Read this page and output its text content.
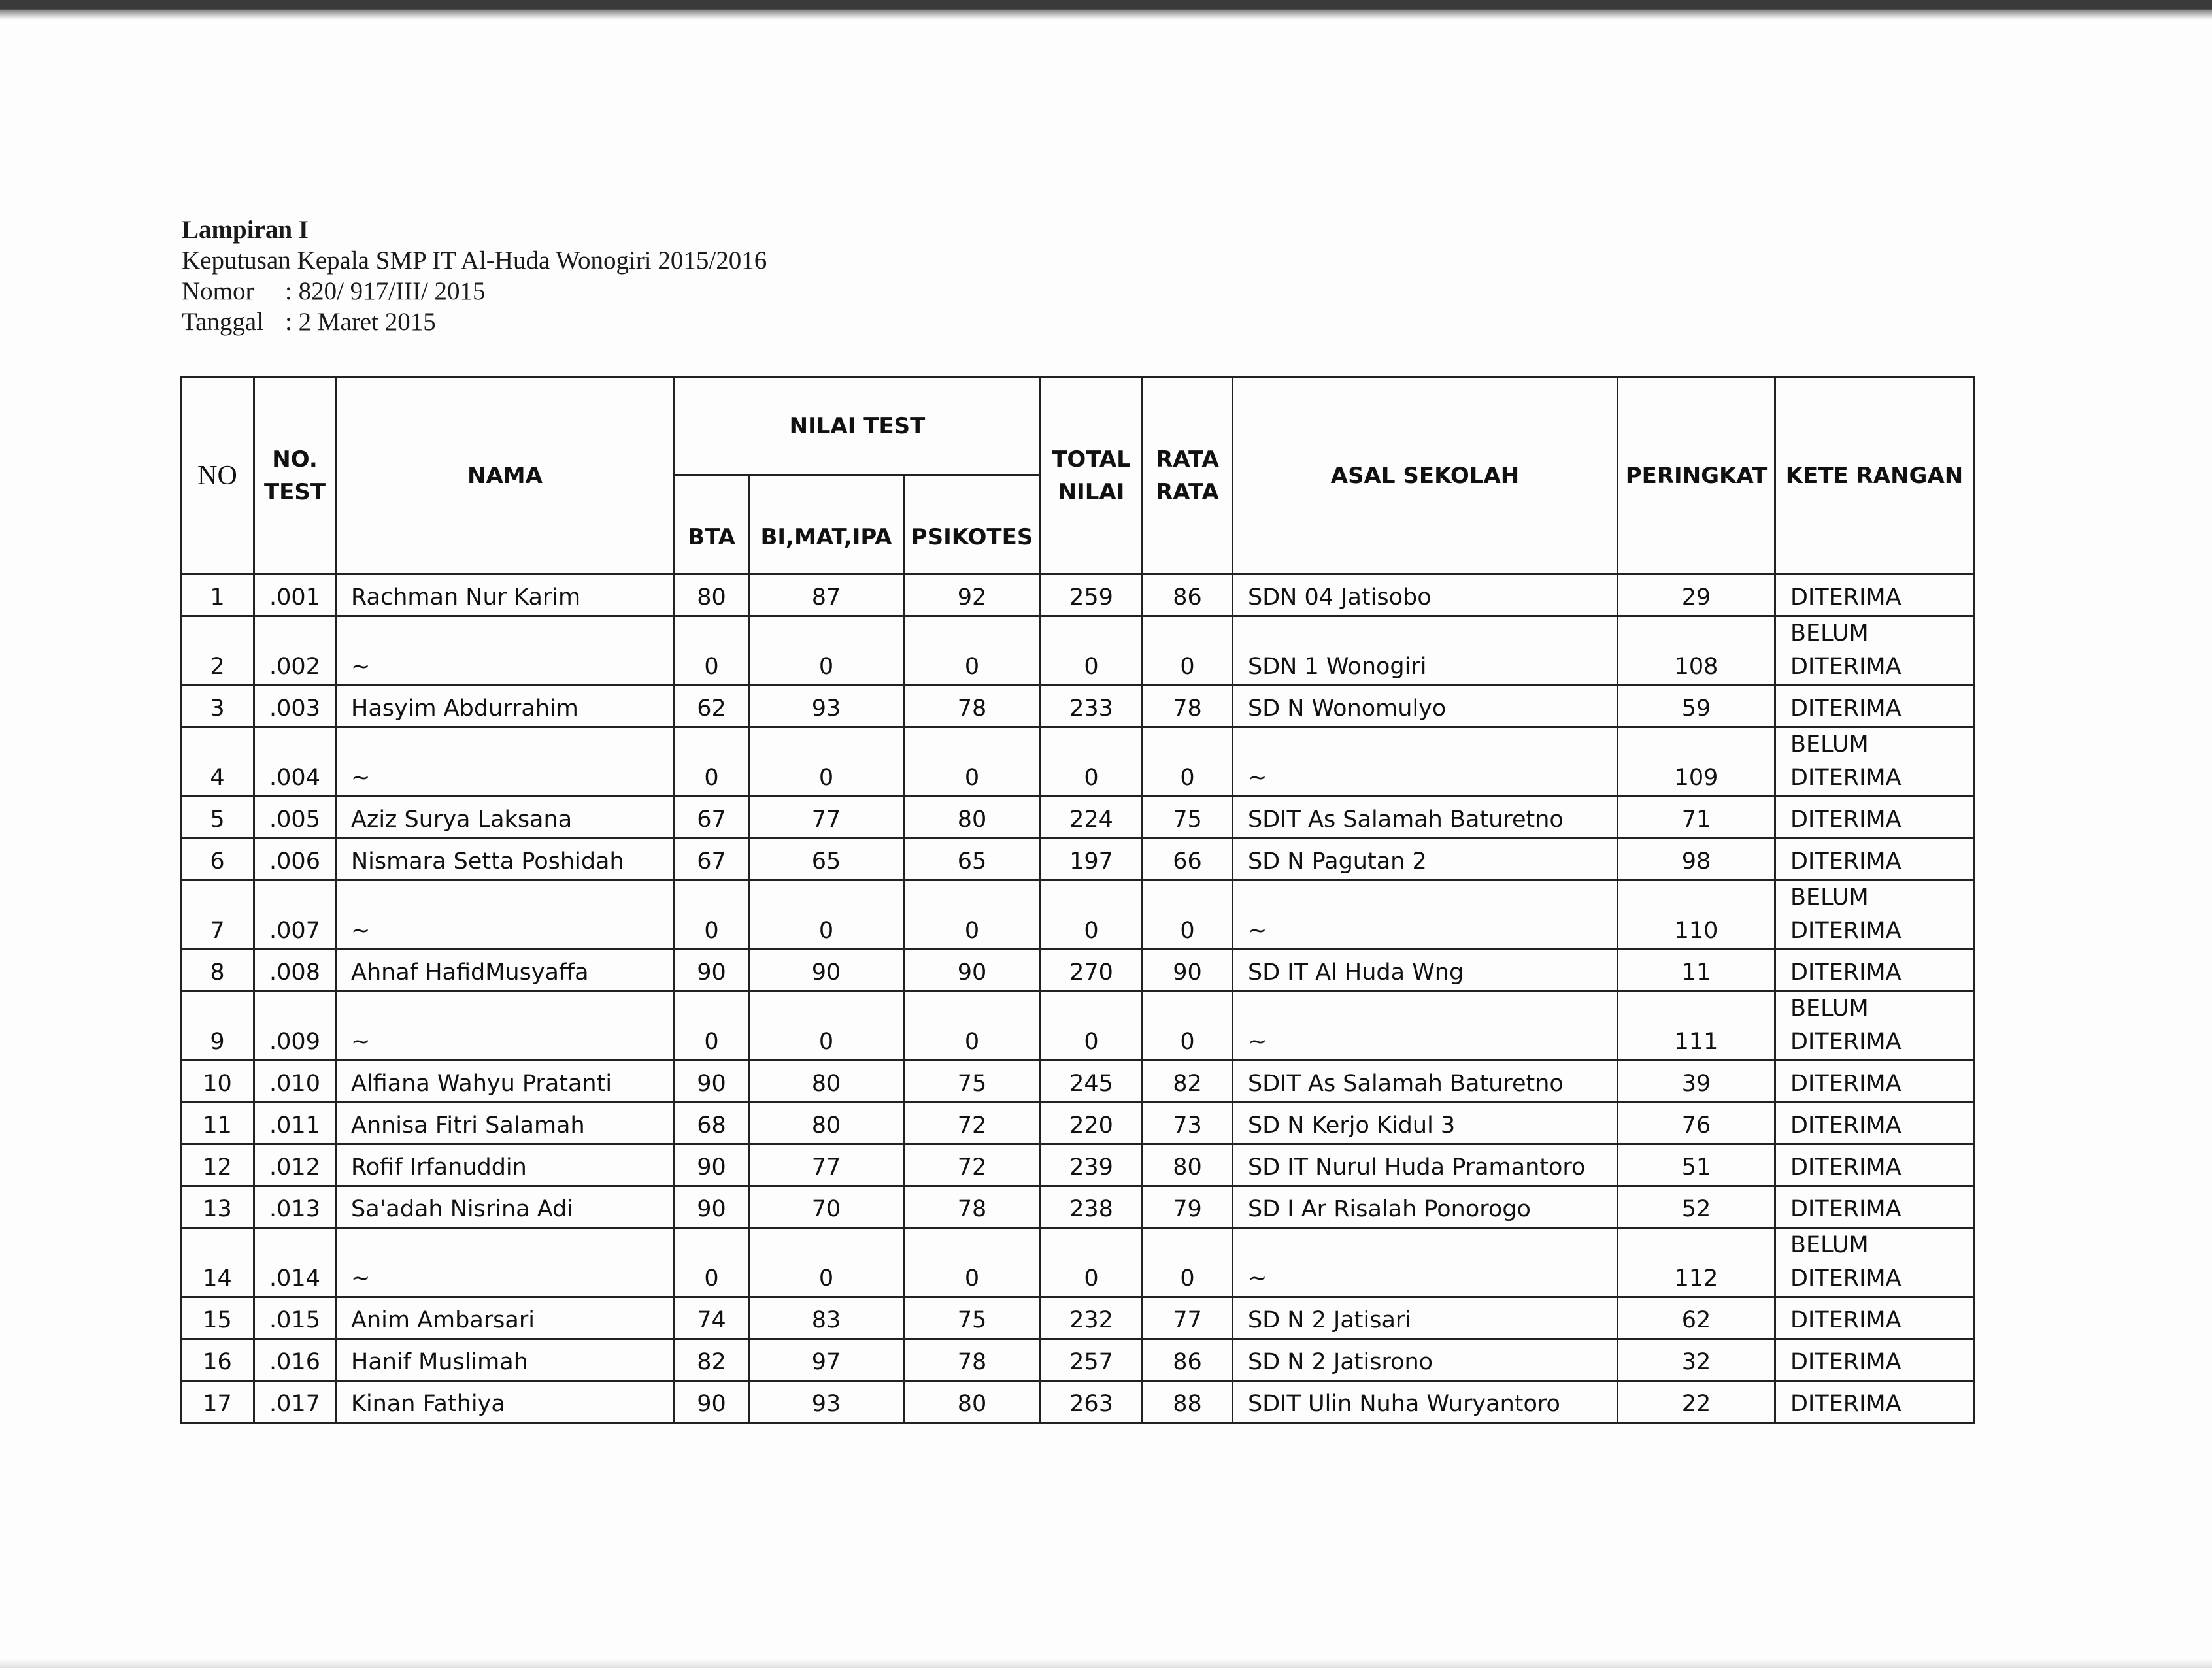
Lampiran I
Keputusan Kepala SMP IT Al-Huda Wonogiri 2015/2016
Nomor	: 820/ 917/III/ 2015
Tanggal : 2 Maret 2015
NO	NO. TEST	NAMA	NILAI TEST			TOTAL NILAI	RATA RATA	ASAL SEKOLAH	PERINGKAT	KETE RANGAN
			BTA	BI,MAT,IPA	PSIKOTES					
1	.001	Rachman Nur Karim	80	87	92	259	86	SDN 04 Jatisobo	29	DITERIMA

2	.002	~	0	0	0	0	0	SDN 1 Wonogiri	108	BELUM
DITERIMA

3	.003	Hasyim Abdurrahim	62	93	78	233	78	SD N Wonomulyo	59	DITERIMA

4	.004	~	0	0	0	0	0	~	109	BELUM
DITERIMA

5	.005	Aziz Surya Laksana	67	77	80	224	75	SDIT As Salamah Baturetno	71	DITERIMA

6	.006	Nismara Setta Poshidah	67	65	65	197	66	SD N Pagutan 2	98	DITERIMA

7	.007	~	0	0	0	0	0	~	110	BELUM
DITERIMA

8	.008	Ahnaf HafidMusyaffa	90	90	90	270	90	SD IT Al Huda Wng	11	DITERIMA

9	.009	~	0	0	0	0	0	~	111	BELUM
DITERIMA

10	.010	Alfiana Wahyu Pratanti	90	80	75	245	82	SDIT As Salamah Baturetno	39	DITERIMA

11	.011	Annisa Fitri Salamah	68	80	72	220	73	SD N Kerjo Kidul 3	76	DITERIMA

12	.012	Rofif Irfanuddin	90	77	72	239	80	SD IT Nurul Huda Pramantoro	51	DITERIMA

13	.013	Sa'adah Nisrina Adi	90	70	78	238	79	SD I Ar Risalah Ponorogo	52	DITERIMA

14	.014	~	0	0	0	0	0	~	112	BELUM
DITERIMA

15	.015	Anim Ambarsari	74	83	75	232	77	SD N 2 Jatisari	62	DITERIMA

16	.016	Hanif Muslimah	82	97	78	257	86	SD N 2 Jatisrono	32	DITERIMA

17	.017	Kinan Fathiya	90	93	80	263	88	SDIT Ulin Nuha Wuryantoro	22	DITERIMA
